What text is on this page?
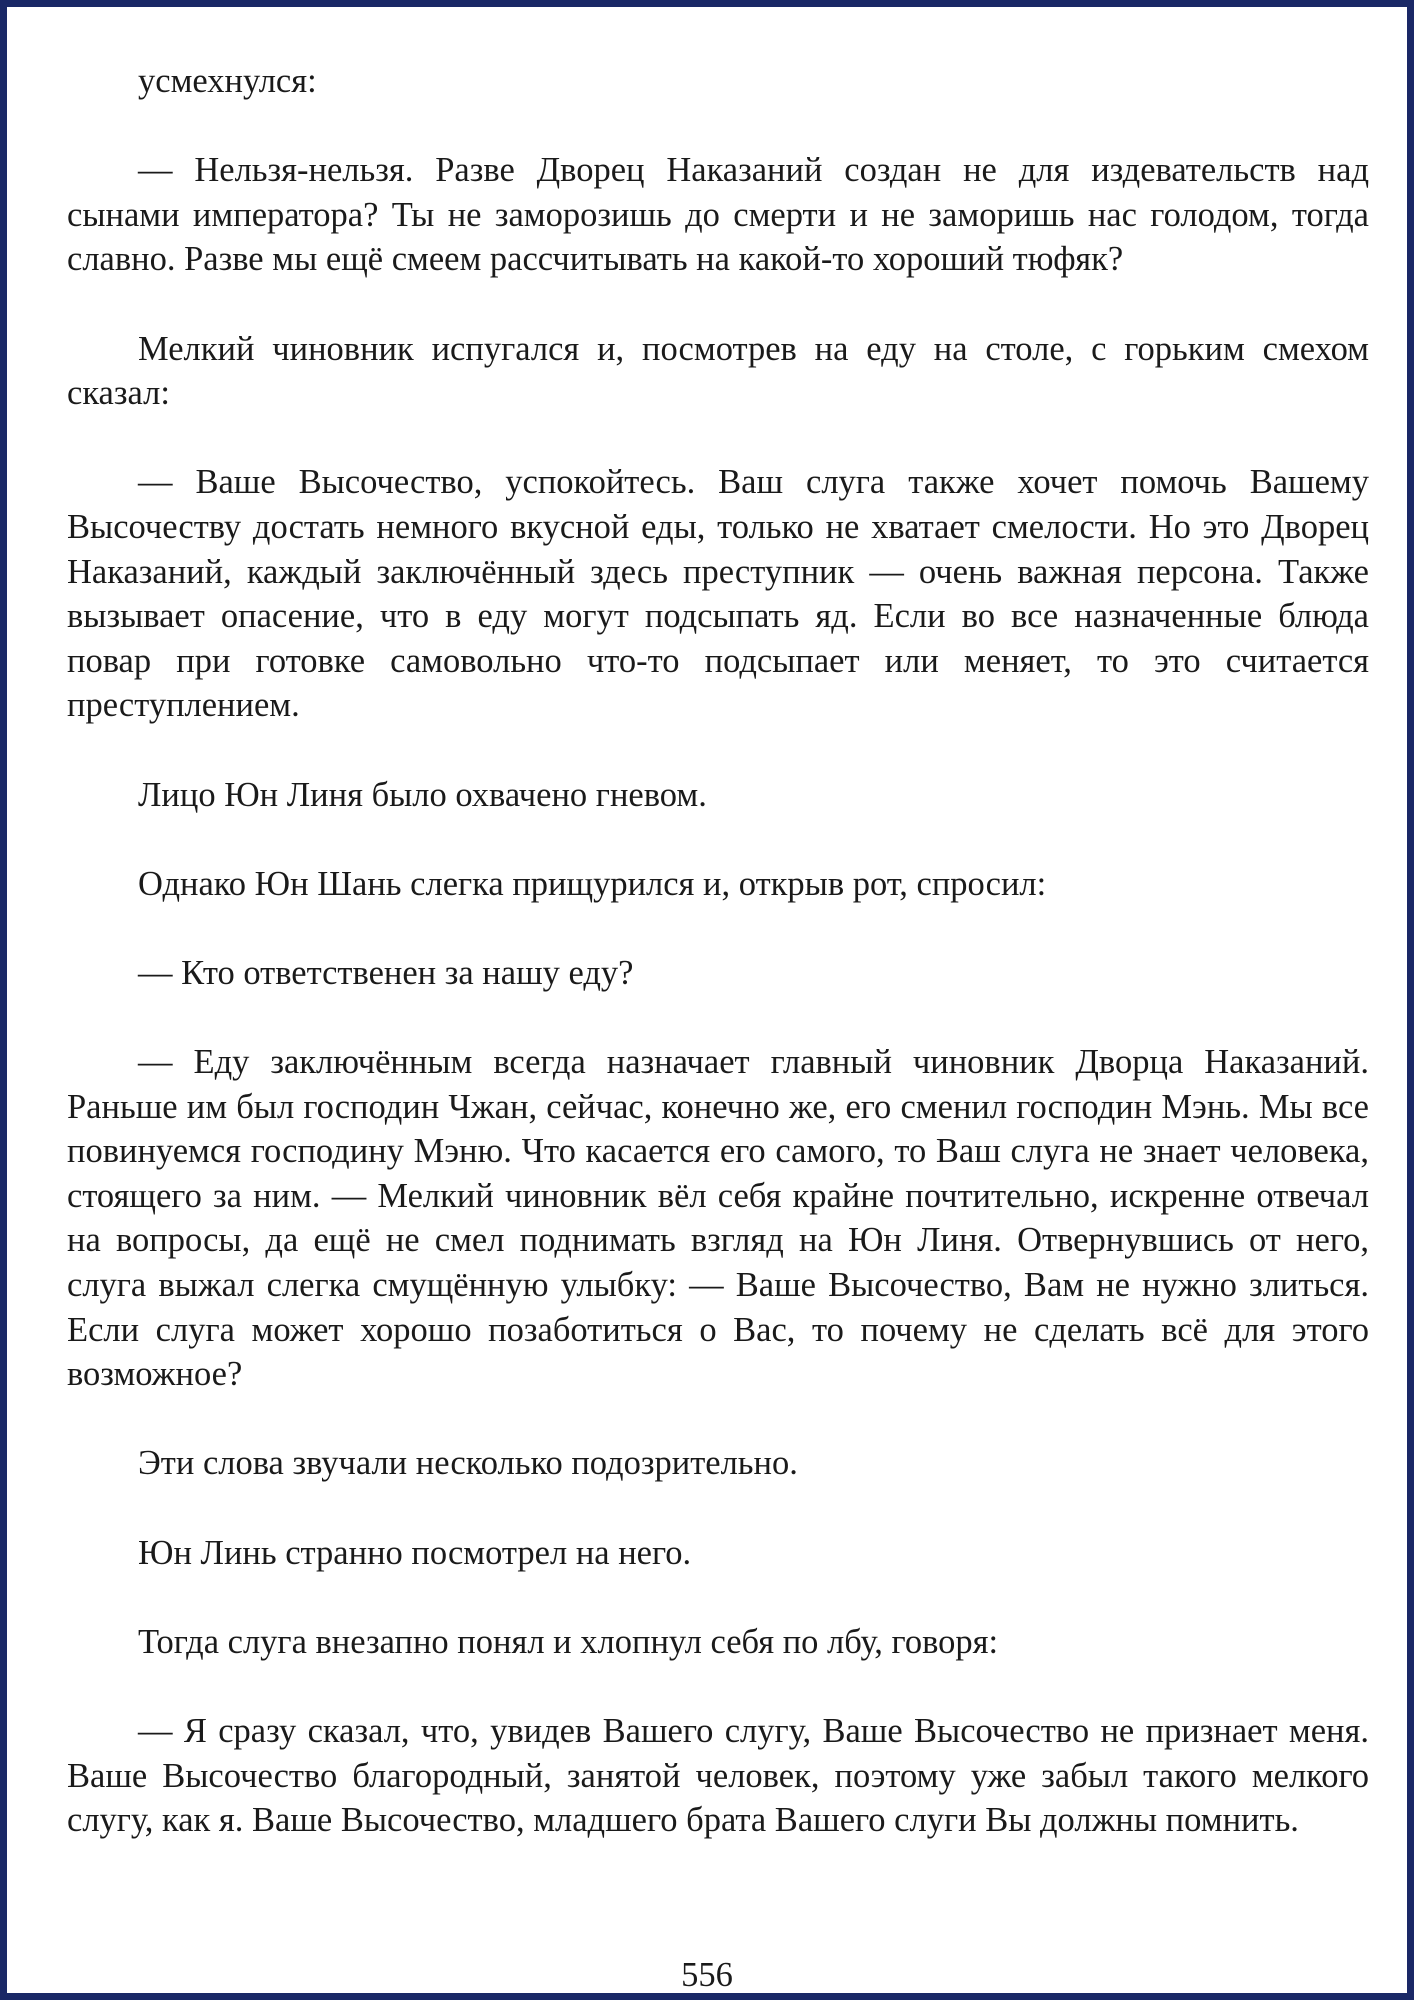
усмехнулся:

— Нельзя-нельзя. Разве Дворец Наказаний создан не для издевательств над сынами императора? Ты не заморозишь до смерти и не заморишь нас голодом, тогда славно. Разве мы ещё смеем рассчитывать на какой-то хороший тюфяк?

Мелкий чиновник испугался и, посмотрев на еду на столе, с горьким смехом сказал:

— Ваше Высочество, успокойтесь. Ваш слуга также хочет помочь Вашему Высочеству достать немного вкусной еды, только не хватает смелости. Но это Дворец Наказаний, каждый заключённый здесь преступник — очень важная персона. Также вызывает опасение, что в еду могут подсыпать яд. Если во все назначенные блюда повар при готовке самовольно что-то подсыпает или меняет, то это считается преступлением.

Лицо Юн Линя было охвачено гневом.

Однако Юн Шань слегка прищурился и, открыв рот, спросил:

— Кто ответственен за нашу еду?

— Еду заключённым всегда назначает главный чиновник Дворца Наказаний. Раньше им был господин Чжан, сейчас, конечно же, его сменил господин Мэнь. Мы все повинуемся господину Мэню. Что касается его самого, то Ваш слуга не знает человека, стоящего за ним. — Мелкий чиновник вёл себя крайне почтительно, искренне отвечал на вопросы, да ещё не смел поднимать взгляд на Юн Линя. Отвернувшись от него, слуга выжал слегка смущённую улыбку: — Ваше Высочество, Вам не нужно злиться. Если слуга может хорошо позаботиться о Вас, то почему не сделать всё для этого возможное?

Эти слова звучали несколько подозрительно.

Юн Линь странно посмотрел на него.

Тогда слуга внезапно понял и хлопнул себя по лбу, говоря:

— Я сразу сказал, что, увидев Вашего слугу, Ваше Высочество не признает меня. Ваше Высочество благородный, занятой человек, поэтому уже забыл такого мелкого слугу, как я. Ваше Высочество, младшего брата Вашего слуги Вы должны помнить.

556
